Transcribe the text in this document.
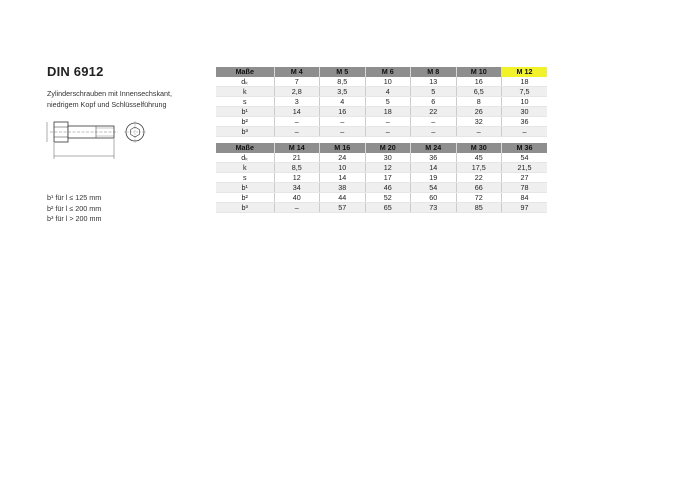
DIN 6912
Zylinderschrauben mit Innensechskant,
niedrigem Kopf und Schlüsselführung
b¹ für l ≤ 125 mm
b² für l ≤ 200 mm
b³ für l > 200 mm
Maße	M 4	M 5	M 6	M 8	M 10	M 12
dₖ	7	8,5	10	13	16	18
k	2,8	3,5	4	5	6,5	7,5
s	3	4	5	6	8	10
b¹	14	16	18	22	26	30
b²	–	–	–	–	32	36
b³	–	–	–	–	–	–
Maße	M 14	M 16	M 20	M 24	M 30	M 36
dₖ	21	24	30	36	45	54
k	8,5	10	12	14	17,5	21,5
s	12	14	17	19	22	27
b¹	34	38	46	54	66	78
b²	40	44	52	60	72	84
b³	–	57	65	73	85	97
